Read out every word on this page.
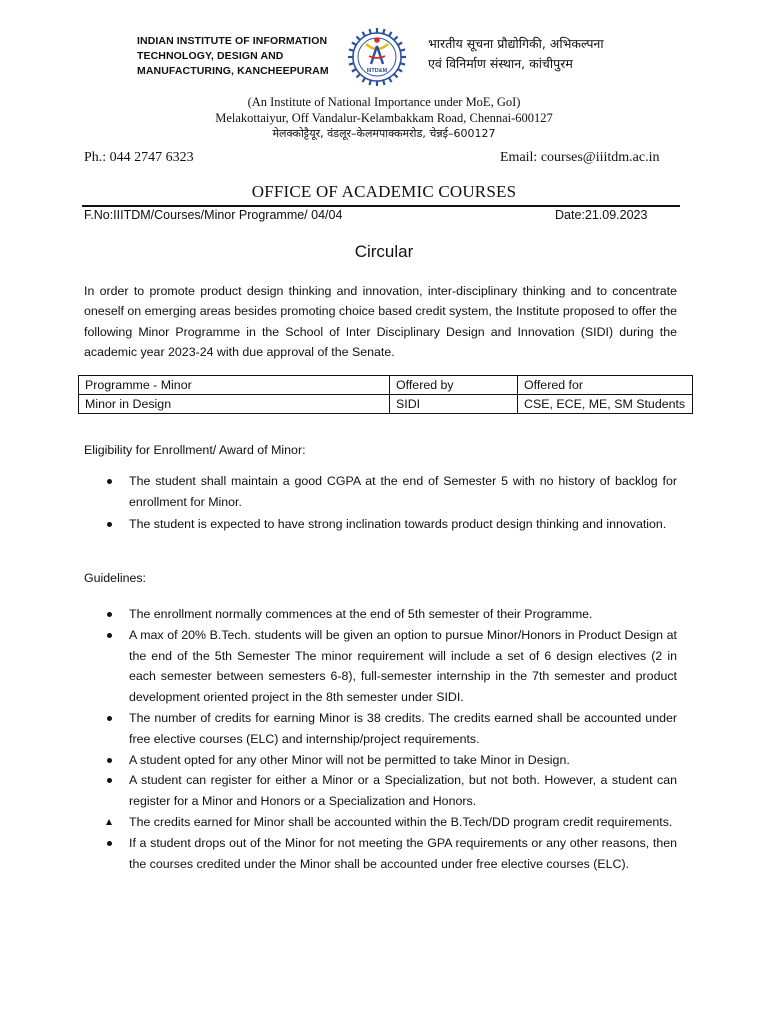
INDIAN INSTITUTE OF INFORMATION
TECHNOLOGY, DESIGN AND
MANUFACTURING, KANCHEEPURAM	IIITD&M
भारतीय सूचना प्रौद्योगिकी, अभिकल्पना
एवं विनिर्माण संस्थान, कांचीपुरम
(An Institute of National Importance under MoE, GoI)
Melakottaiyur, Off Vandalur-Kelambakkam Road, Chennai-600127
मेलक्कोट्टैयूर, वंडलूर–केलमपाक्कमरोड, चेन्नई–600127
Ph.: 044 2747 6323	Email: courses@iiitdm.ac.in
OFFICE OF ACADEMIC COURSES
F.No:IIITDM/Courses/Minor Programme/ 04/04	Date:21.09.2023
Circular

In order to promote product design thinking and innovation, inter-disciplinary thinking and to concentrate oneself on emerging areas besides promoting choice based credit system, the Institute proposed to offer the following Minor Programme in the School of Inter Disciplinary Design and Innovation (SIDI) during the academic year 2023-24 with due approval of the Senate.

Programme - Minor	Offered by	Offered for
Minor in Design	SIDI	CSE, ECE, ME, SM Students
Eligibility for Enrollment/ Award of Minor:
The student shall maintain a good CGPA at the end of Semester 5 with no history of backlog for enrollment for Minor.
The student is expected to have strong inclination towards product design thinking and innovation.
Guidelines:
The enrollment normally commences at the end of 5th semester of their Programme.
A max of 20% B.Tech. students will be given an option to pursue Minor/Honors in Product Design at the end of the 5th Semester The minor requirement will include a set of 6 design electives (2 in each semester between semesters 6-8), full-semester internship in the 7th semester and product development oriented project in the 8th semester under SIDI.
The number of credits for earning Minor is 38 credits. The credits earned shall be accounted under free elective courses (ELC) and internship/project requirements.
A student opted for any other Minor will not be permitted to take Minor in Design.
A student can register for either a Minor or a Specialization, but not both. However, a student can register for a Minor and Honors or a Specialization and Honors.
The credits earned for Minor shall be accounted within the B.Tech/DD program credit requirements.
If a student drops out of the Minor for not meeting the GPA requirements or any other reasons, then the courses credited under the Minor shall be accounted under free elective courses (ELC).
